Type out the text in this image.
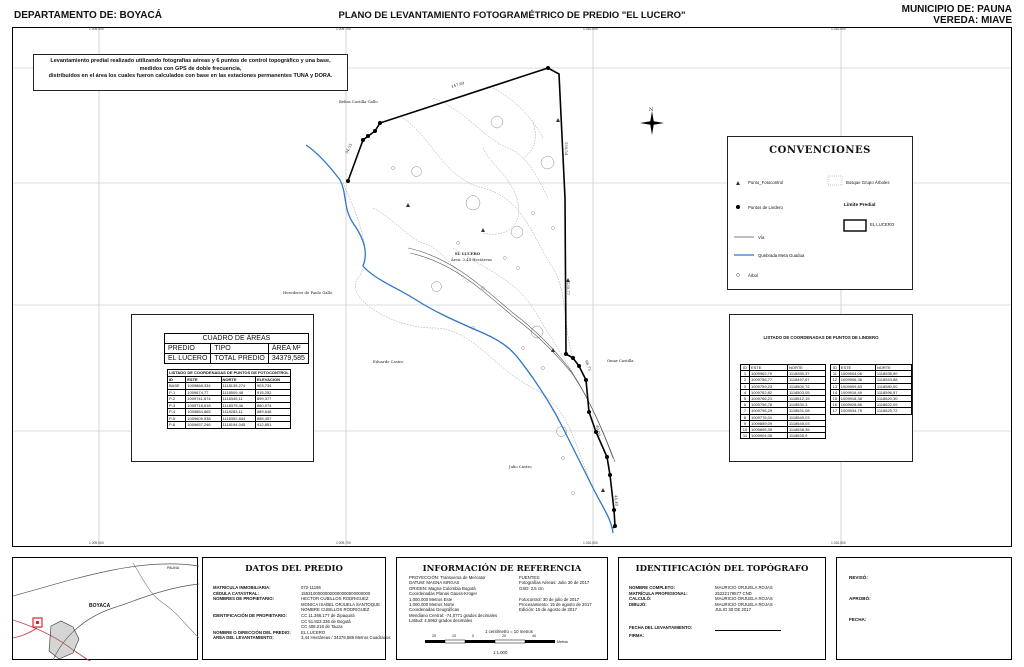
DEPARTAMENTO DE: BOYACÁ	PLANO DE LEVANTAMIENTO FOTOGRAMÉTRICO DE PREDIO "EL LUCERO"
MUNICIPIO DE: PAUNA
VEREDA: MIAVE
1.009.000	1.009.700	1.010.000	1.010.500
1.009.000	1.009.700	1.010.000	1.010.500
Belisa Castilla Gallo
Herederos de Paulo Gallo
Eduardo Castro	Omar Castilla
Julio Castro
EL LUCERO
Área: 3,44 Hectáreas
147,69
150,54
130,77
66,75
40,00
44,40
34,55
N
Levantamiento predial realizado utilizando fotografías aéreas y 6 puntos de control topográfico y una base,
medidos con GPS de doble frecuencia,
distribuidos en el área los cuales fueron calculados con base en las estaciones permanentes TUNA y DORA.
CONVENCIONES
Punto_Fotocontrol	Bosque Grupo Árboles
Puntos de Lindero	Límite Predial
EL LUCERO
Vía
Quebrada Meta Guadua
Árbol
CUADRO DE ÁREAS		
PREDIO	TIPO	ÁREA M²
EL LUCERO	TOTAL PREDIO	34379,585
LISTADO DE COORDENADAS DE PUNTOS DE FOTOCONTROL			
ID	ESTE	NORTE	ELEVACION
BASE	1009868,334	1118135,274	903,734
P-1	1009674,77	1118509,48	915,252
P-2	1009741,674	1118345,11	899,377
P-3	1009718,618	1118379,46	880,974
P-4	1009864,865	1118283,11	889,648
P-5	1009605,538	1118352,844	885,457
P-6	1009657,246	1118194,045	912,851
LISTADO DE COORDENADAS DE PUNTOS DE LINDERO
ID	ESTE	NORTE
1	1009962,79	1118350,37
2	1009756,77	1118497,67
3	1009759,23	1118500,72
4	1009762,82	1118503,05
5	1009766,21	1118512,15
6	1009756,78	1118530,3
7	1009795,29	1118531,08
8	1009776,01	1118545,03
9	1009889,09	1118545,03
10	1009895,39	1118538,35
11	1009904,06	1118535,9
ID	ESTE	NORTE
11	1009904,06	1118535,90
12	1009906,36	1118543,88
13	1009909,83	1118580,00
14	1009916,49	1118596,57
15	1009918,38	1118620,30
16	1009928,86	1118622,09
17	1009934,75	1118625,72
BOYACA
PAUNA	DATOS DEL PREDIO
MATRICULA INMOBILIARIA:	072-11186
CÉDULA CATASTRAL:	15531000000000000000000000000
NOMBRES DE PROPIETARIO:	HECTOR CUBILLOS RODRIGUEZ
MONICA ISABEL ORJUELA SANTOQUE
NOMBRE CUBILLOS RODRIGUEZ
IDENTIFICACIÓN DE PROPIETARIO:	CC 11.366.177 de Zipaquirá
CC 51.823.336 de Bogotá
CC 408.218 de Tauza
NOMBRE O DIRECCIÓN DEL PREDIO: EL LUCERO
ÁREA DEL LEVANTAMIENTO:	3,44 Hectáreas / 34379,585 Metros Cuadrados
INFORMACIÓN DE REFERENCIA
PROYECCIÓN: Transversa de Mercator
DATUM: MAGNA SIRGAS
ORIGEN: Magna Colombia Bogotá
Coordenadas Planas Gauss-Krüger
1.000.000 Metros Este
1.000.000 Metros Norte
Coordenadas Geográficas
Meridiano Central: -74,0771 grados decimales
Latitud: 4,5962 grados decimales
FUENTES:
Fotografías Aéreas: Julio 30 de 2017
GSD: 2,5 cm
Fotocontrol: 30 de julio de 2017
Procesamiento: 15 de agosto de 2017
Edición: 15 de agosto de 2017
1 centímetro = 10 metros
20	10	0	20	40
Metros
1:1.000
IDENTIFICACIÓN DEL TOPÓGRAFO
NOMBRE COMPLETO:	MAURICIO ORJUELA ROJAS
MATRÍCULA PROFESIONAL:	25222179577 CND
CALCULÓ:	MAURICIO ORJUELA ROJAS
DIBUJÓ:	MAURICIO ORJUELA ROJAS
JULIO 30 DE 2017
FECHA DEL LEVANTAMIENTO:
FIRMA:
REVISÓ:
APROBÓ:
FECHA:
